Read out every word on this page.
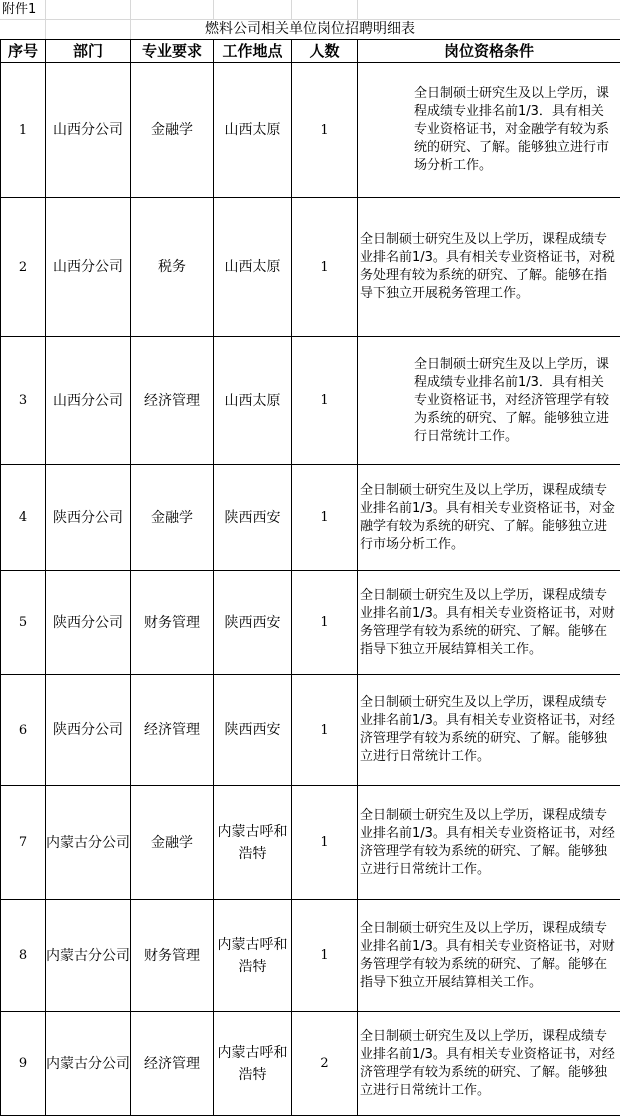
附件1
燃料公司相关单位岗位招聘明细表
序号	部门	专业要求	工作地点	人数	岗位资格条件
1	山西分公司	金融学	山西太原	1	全日制硕士研究生及以上学历，课程成绩专业排名前1/3．具有相关专业资格证书，对金融学有较为系统的研究、了解。能够独立进行市场分析工作。

2	山西分公司	税务	山西太原	1	全日制硕士研究生及以上学历，课程成绩专业排名前1/3。具有相关专业资格证书，对税务处理有较为系统的研究、了解。能够在指导下独立开展税务管理工作。
3	山西分公司	经济管理	山西太原	1	全日制硕士研究生及以上学历，课程成绩专业排名前1/3．具有相关专业资格证书，对经济管理学有较为系统的研究、了解。能够独立进行日常统计工作。

4	陕西分公司	金融学	陕西西安	1	全日制硕士研究生及以上学历，课程成绩专业排名前1/3。具有相关专业资格证书，对金融学有较为系统的研究、了解。能够独立进行市场分析工作。
5	陕西分公司	财务管理	陕西西安	1	全日制硕士研究生及以上学历，课程成绩专业排名前1/3。具有相关专业资格证书，对财务管理学有较为系统的研究、了解。能够在指导下独立开展结算相关工作。
6	陕西分公司	经济管理	陕西西安	1	全日制硕士研究生及以上学历，课程成绩专业排名前1/3。具有相关专业资格证书，对经济管理学有较为系统的研究、了解。能够独立进行日常统计工作。
7	内蒙古分公司	金融学	内蒙古呼和浩特	1	全日制硕士研究生及以上学历，课程成绩专业排名前1/3。具有相关专业资格证书，对经济管理学有较为系统的研究、了解。能够独立进行日常统计工作。
8	内蒙古分公司	财务管理	内蒙古呼和浩特	1	全日制硕士研究生及以上学历，课程成绩专业排名前1/3。具有相关专业资格证书，对财务管理学有较为系统的研究、了解。能够在指导下独立开展结算相关工作。
9	内蒙古分公司	经济管理	内蒙古呼和浩特	2	全日制硕士研究生及以上学历，课程成绩专业排名前1/3。具有相关专业资格证书，对经济管理学有较为系统的研究、了解。能够独立进行日常统计工作。
